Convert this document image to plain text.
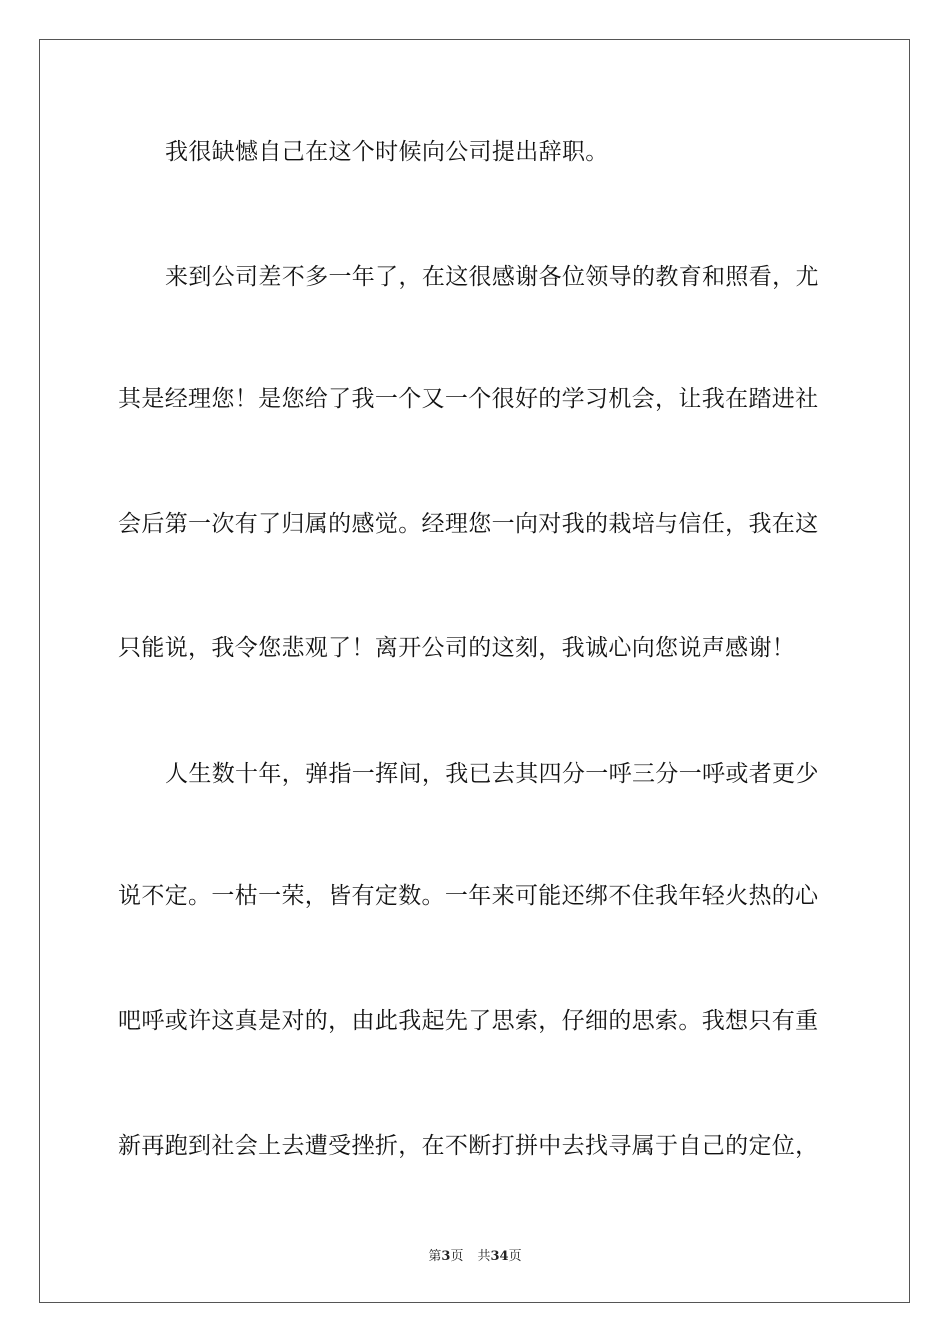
我很缺憾自己在这个时候向公司提出辞职。
来到公司差不多一年了，在这很感谢各位领导的教育和照看，尤
其是经理您！是您给了我一个又一个很好的学习机会，让我在踏进社
会后第一次有了归属的感觉。经理您一向对我的栽培与信任，我在这
只能说，我令您悲观了！离开公司的这刻，我诚心向您说声感谢！
人生数十年，弹指一挥间，我已去其四分一呼三分一呼或者更少
说不定。一枯一荣，皆有定数。一年来可能还绑不住我年轻火热的心
吧呼或许这真是对的，由此我起先了思索，仔细的思索。我想只有重
新再跑到社会上去遭受挫折，在不断打拼中去找寻属于自己的定位，
第3页 共34页
